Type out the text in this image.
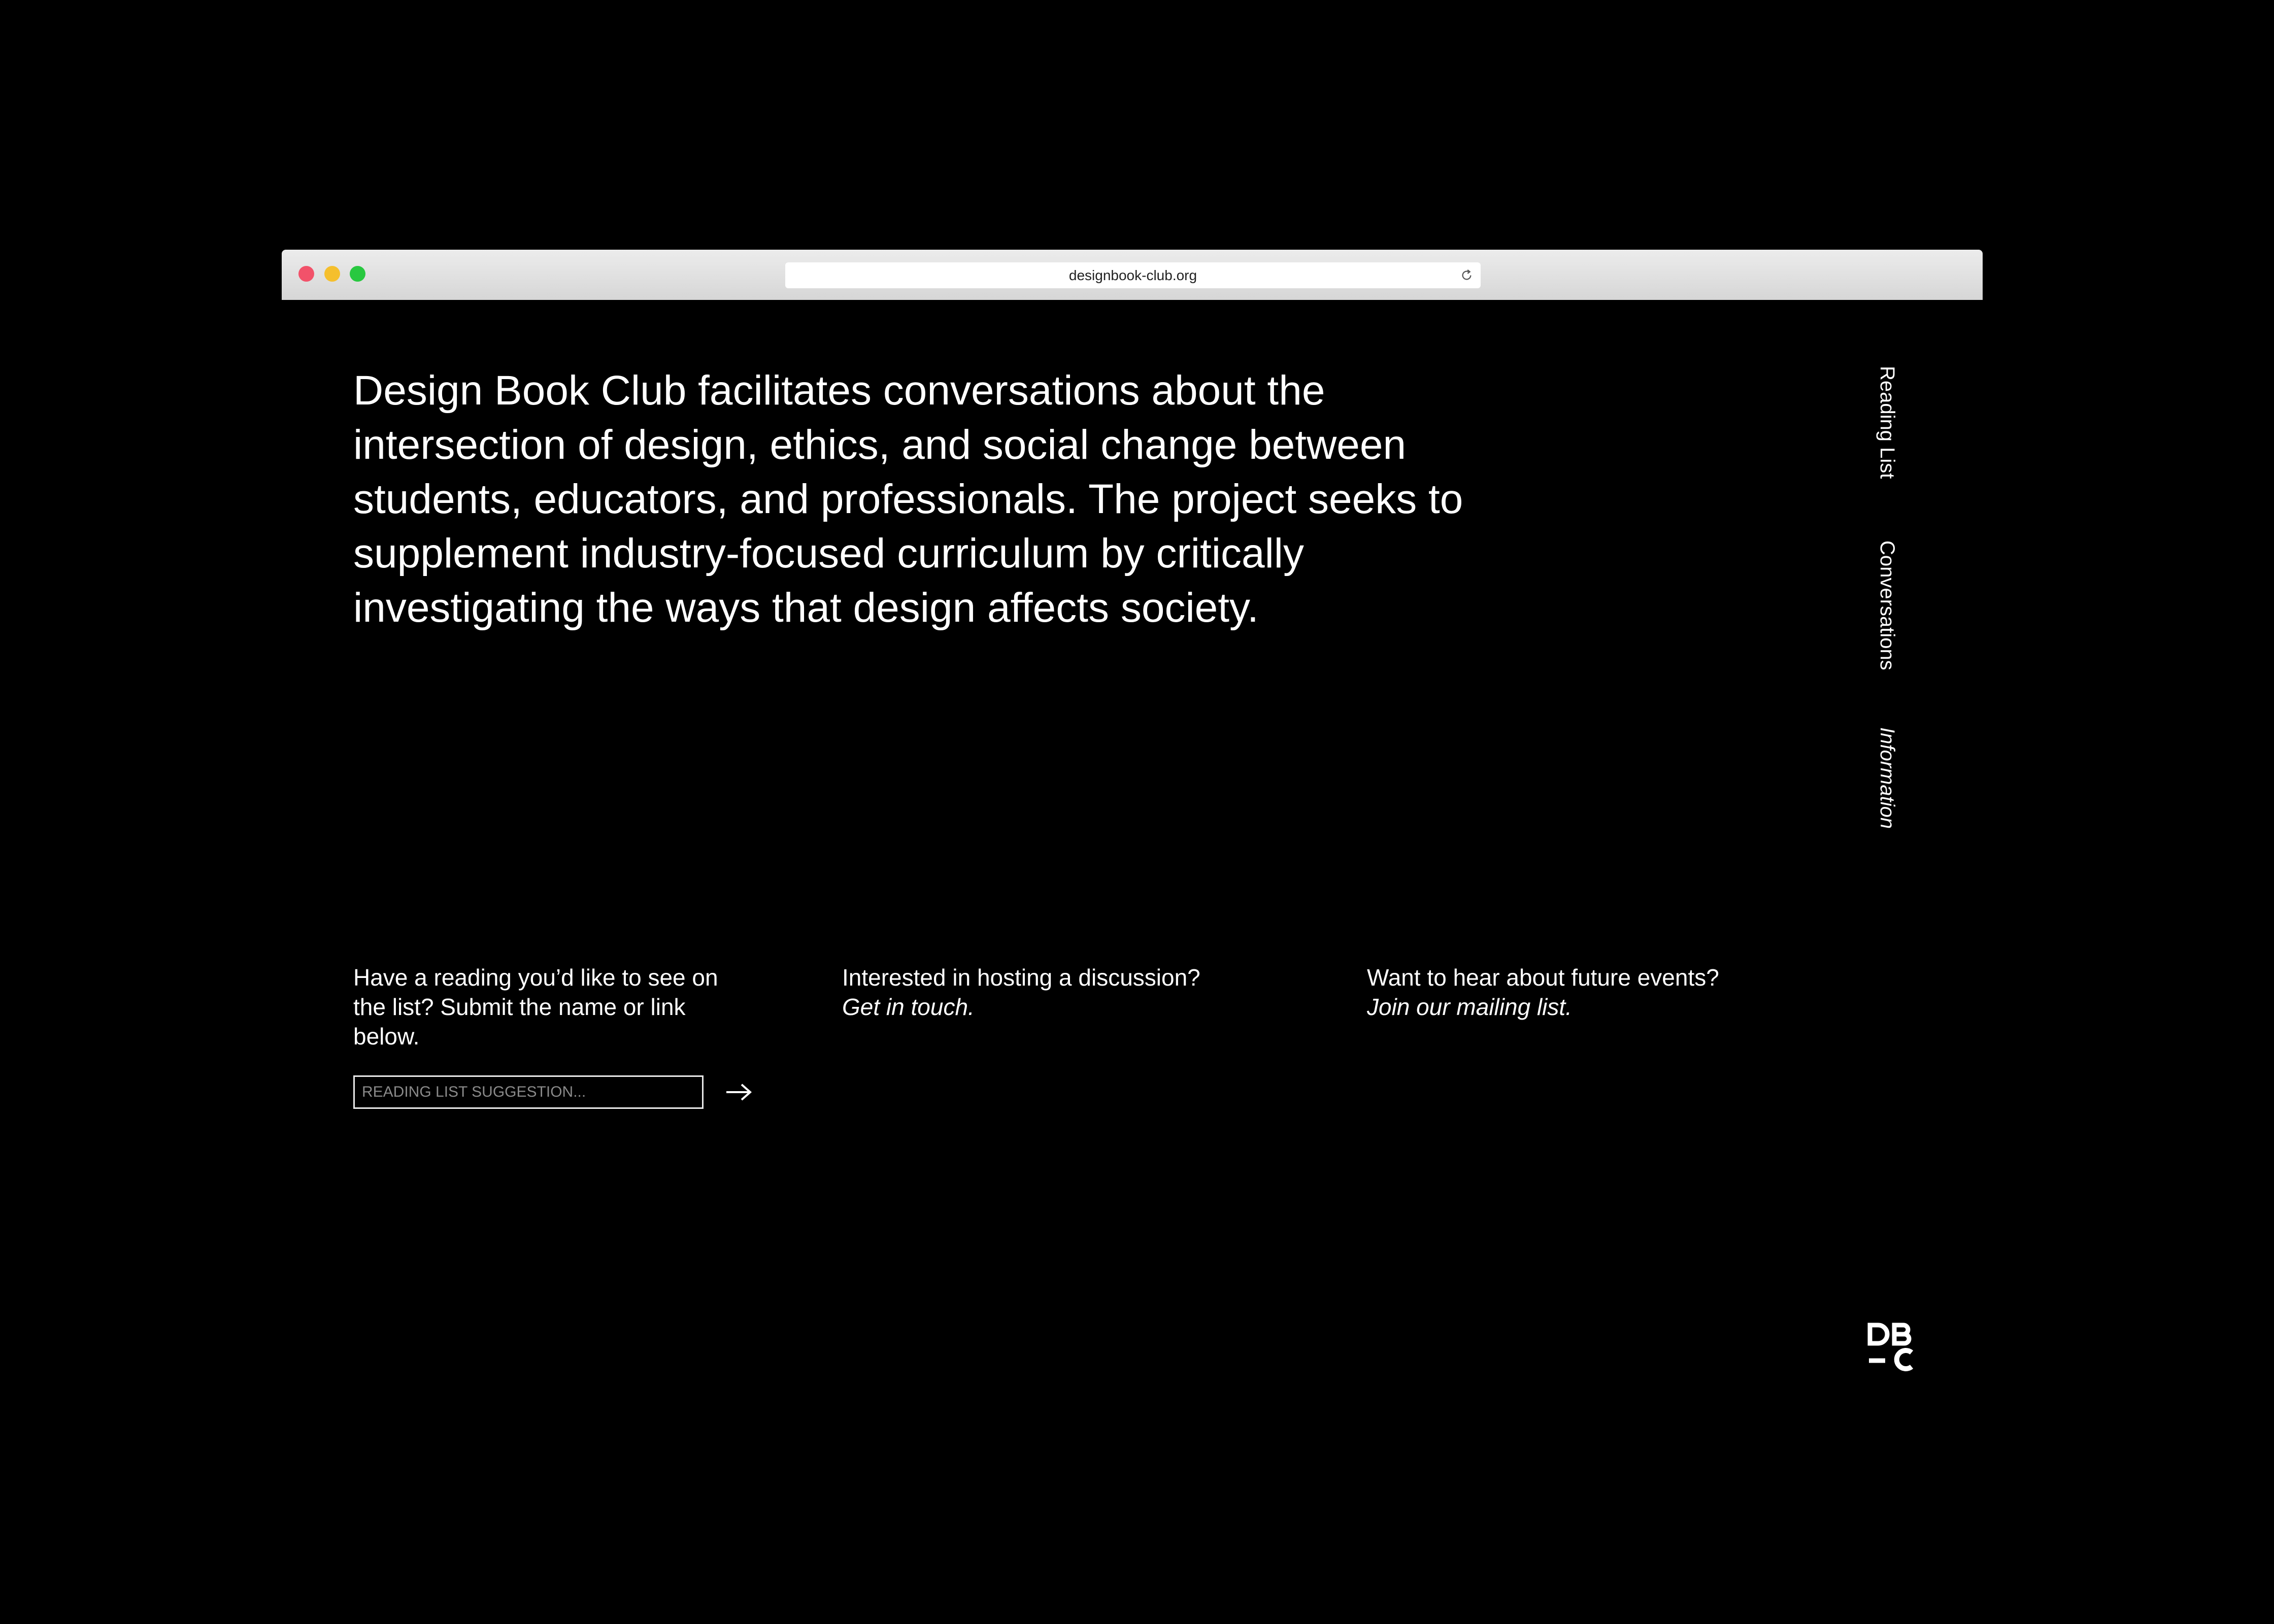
designbook-club.org

Design Book Club facilitates conversations about the intersection of design, ethics, and social change between students, educators, and professionals. The project seeks to supplement industry-focused curriculum by critically investigating the ways that design affects society.

Reading List
Conversations
Information
Have a reading you’d like to see on the list? Submit the name or link below.
READING LIST SUGGESTION...
Interested in hosting a discussion?
Get in touch.
Want to hear about future events?
Join our mailing list.
